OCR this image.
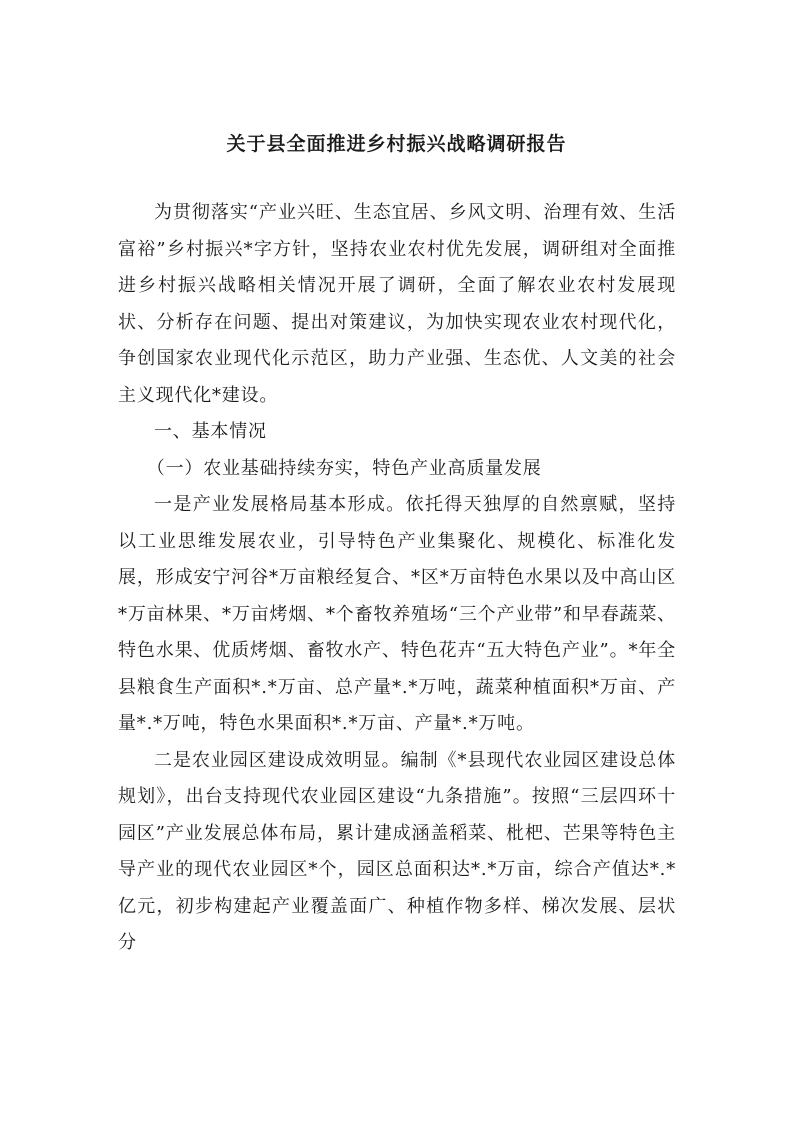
关于县全面推进乡村振兴战略调研报告

为贯彻落实“产业兴旺、生态宜居、乡风文明、治理有效、生活富裕”乡村振兴*字方针，坚持农业农村优先发展，调研组对全面推进乡村振兴战略相关情况开展了调研，全面了解农业农村发展现状、分析存在问题、提出对策建议，为加快实现农业农村现代化，争创国家农业现代化示范区，助力产业强、生态优、人文美的社会主义现代化*建设。

一、基本情况

（一）农业基础持续夯实，特色产业高质量发展

一是产业发展格局基本形成。依托得天独厚的自然禀赋，坚持以工业思维发展农业，引导特色产业集聚化、规模化、标准化发展，形成安宁河谷*万亩粮经复合、*区*万亩特色水果以及中高山区*万亩林果、*万亩烤烟、*个畜牧养殖场“三个产业带”和早春蔬菜、特色水果、优质烤烟、畜牧水产、特色花卉“五大特色产业”。*年全县粮食生产面积*.*万亩、总产量*.*万吨，蔬菜种植面积*万亩、产量*.*万吨，特色水果面积*.*万亩、产量*.*万吨。

二是农业园区建设成效明显。编制《*县现代农业园区建设总体规划》，出台支持现代农业园区建设“九条措施”。按照“三层四环十园区”产业发展总体布局，累计建成涵盖稻菜、枇杷、芒果等特色主导产业的现代农业园区*个，园区总面积达*.*万亩，综合产值达*.*亿元，初步构建起产业覆盖面广、种植作物多样、梯次发展、层状分
